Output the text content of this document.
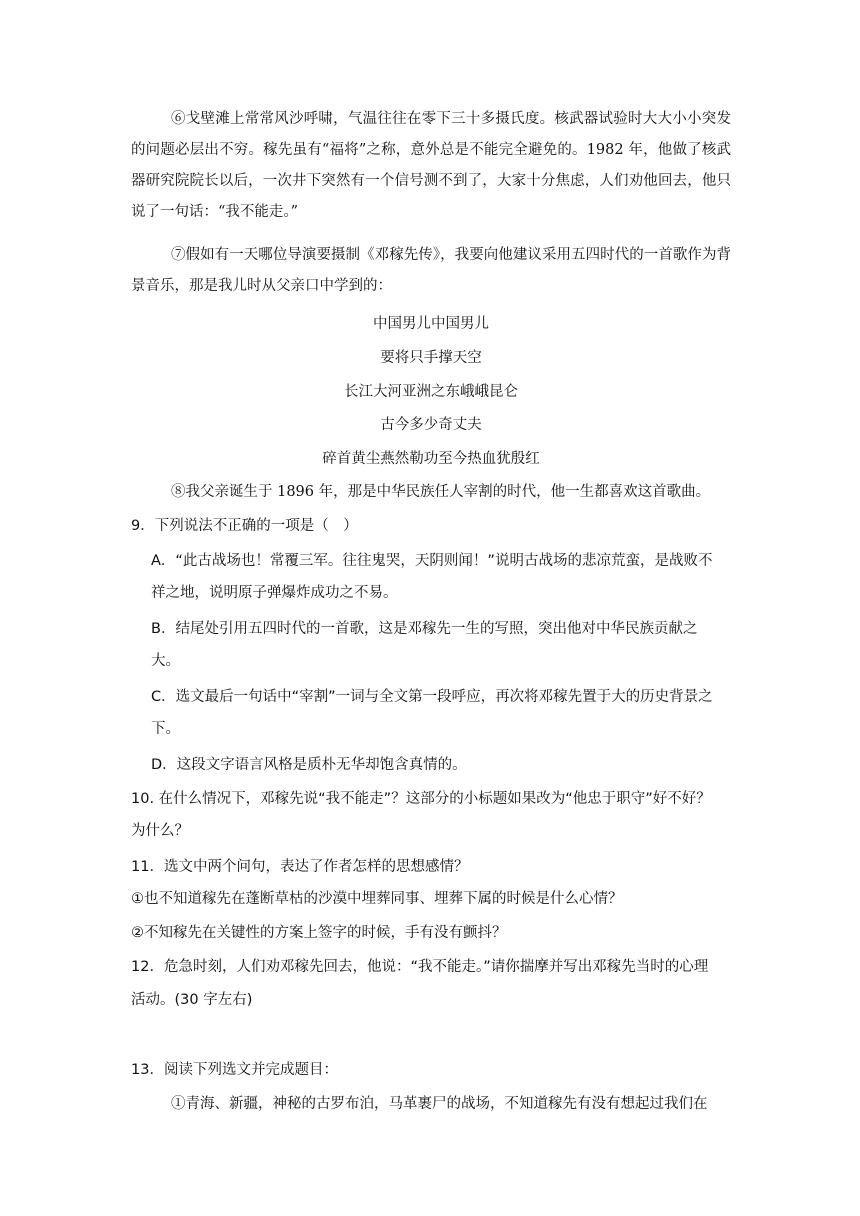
⑥戈壁滩上常常风沙呼啸，气温往往在零下三十多摄氏度。核武器试验时大大小小突发的问题必层出不穷。稼先虽有“福将”之称，意外总是不能完全避免的。1982 年，他做了核武器研究院院长以后，一次井下突然有一个信号测不到了，大家十分焦虑，人们劝他回去，他只说了一句话：“我不能走。”

⑦假如有一天哪位导演要摄制《邓稼先传》，我要向他建议采用五四时代的一首歌作为背景音乐，那是我儿时从父亲口中学到的：

中国男儿中国男儿

要将只手撑天空

长江大河亚洲之东峨峨昆仑

古今多少奇丈夫

碎首黄尘燕然勒功至今热血犹殷红

⑧我父亲诞生于 1896 年，那是中华民族任人宰割的时代，他一生都喜欢这首歌曲。

9．下列说法不正确的一项是（　）

A．“此古战场也！常覆三军。往往鬼哭，天阴则闻！”说明古战场的悲凉荒蛮，是战败不

祥之地，说明原子弹爆炸成功之不易。

B．结尾处引用五四时代的一首歌，这是邓稼先一生的写照，突出他对中华民族贡献之

大。

C．选文最后一句话中“宰割”一词与全文第一段呼应，再次将邓稼先置于大的历史背景之

下。

D．这段文字语言风格是质朴无华却饱含真情的。

10. 在什么情况下，邓稼先说“我不能走”？这部分的小标题如果改为“他忠于职守”好不好？

为什么？

11．选文中两个问句，表达了作者怎样的思想感情？

①也不知道稼先在蓬断草枯的沙漠中埋葬同事、埋葬下属的时候是什么心情？

②不知稼先在关键性的方案上签字的时候，手有没有颤抖？

12．危急时刻，人们劝邓稼先回去，他说：“我不能走。”请你揣摩并写出邓稼先当时的心理

活动。(30 字左右)

13．阅读下列选文并完成题目：

①青海、新疆，神秘的古罗布泊，马革裹尸的战场，不知道稼先有没有想起过我们在
